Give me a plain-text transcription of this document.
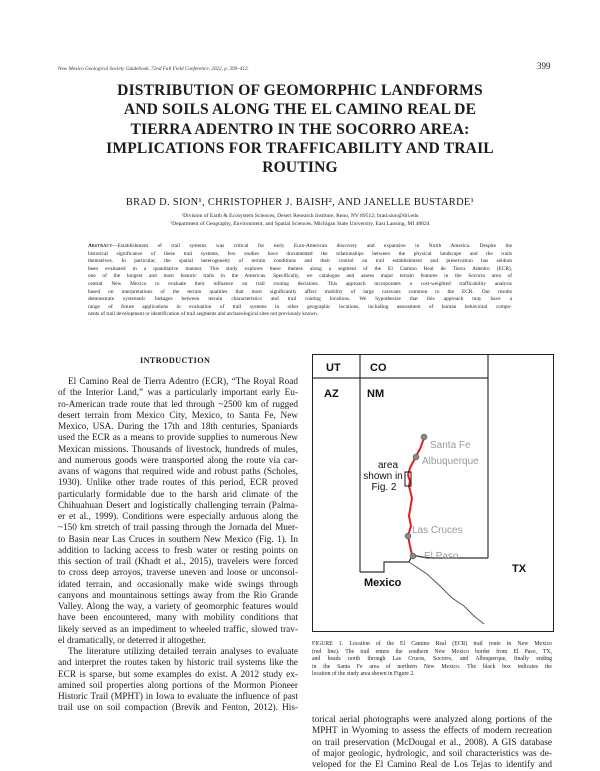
New Mexico Geological Society Guidebook, 72nd Fall Field Conference, 2022, p. 399–412.	399
DISTRIBUTION OF GEOMORPHIC LANDFORMS
AND SOILS ALONG THE EL CAMINO REAL DE
TIERRA ADENTRO IN THE SOCORRO AREA:
IMPLICATIONS FOR TRAFFICABILITY AND TRAIL
ROUTING
BRAD D. SION¹, CHRISTOPHER J. BAISH², AND JANELLE BUSTARDE¹
¹Division of Earth & Ecosystem Sciences, Desert Research Institute, Reno, NV 89512; brad.sion@dri.edu
²Department of Geography, Environment, and Spatial Sciences, Michigan State University, East Lansing, MI 48824
Abstract—Establishment of trail systems was critical for early Euro-American discovery and expansion in North America. Despite the
historical significance of these trail systems, few studies have documented the relationships between the physical landscape and the trails
themselves. In particular, the spatial heterogeneity of terrain conditions and their control on trail establishment and preservation has seldom
been evaluated in a quantitative manner. This study explores these themes along a segment of the El Camino Real de Tierra Adentro (ECR),
one of the longest and most historic trails in the Americas. Specifically, we catalogue and assess major terrain features in the Socorro area of
central New Mexico to evaluate their influence on trail routing decisions. This approach incorporates a cost-weighted trafficability analysis
based on interpretations of the terrain qualities that most significantly affect mobility of large caravans common to the ECR. Our results
demonstrate systematic linkages between terrain characteristics and trail routing locations. We hypothesize that this approach may have a
range of future applications in evaluation of trail systems in other geographic locations, including assessment of human behavioral compo-
nents of trail development or identification of trail segments and archaeological sites not previously known.
INTRODUCTION
El Camino Real de Tierra Adentro (ECR), “The Royal Road
of the Interior Land,” was a particularly important early Eu-
ro-American trade route that led through ~2500 km of rugged
desert terrain from Mexico City, Mexico, to Santa Fe, New
Mexico, USA. During the 17th and 18th centuries, Spaniards
used the ECR as a means to provide supplies to numerous New
Mexican missions. Thousands of livestock, hundreds of mules,
and numerous goods were transported along the route via car-
avans of wagons that required wide and robust paths (Scholes,
1930). Unlike other trade routes of this period, ECR proved
particularly formidable due to the harsh arid climate of the
Chihuahuan Desert and logistically challenging terrain (Palma-
er et al., 1999). Conditions were especially arduous along the
~150 km stretch of trail passing through the Jornada del Muer-
to Basin near Las Cruces in southern New Mexico (Fig. 1). In
addition to lacking access to fresh water or resting points on
this section of trail (Khadt et al., 2015), travelers were forced
to cross deep arroyos, traverse uneven and loose or unconsol-
idated terrain, and occasionally make wide swings through
canyons and mountainous settings away from the Rio Grande
Valley. Along the way, a variety of geomorphic features would
have been encountered, many with mobility conditions that
likely served as an impediment to wheeled traffic, slowed trav-
el dramatically, or deterred it altogether.
The literature utilizing detailed terrain analyses to evaluate
and interpret the routes taken by historic trail systems like the
ECR is sparse, but some examples do exist. A 2012 study ex-
amined soil properties along portions of the Mormon Pioneer
Historic Trail (MPHT) in Iowa to evaluate the influence of past
trail use on soil compaction (Brevik and Fenton, 2012). His-
UT	CO
AZ	NM
TX
Mexico
Santa Fe
Albuquerque
Las Cruces
El Paso
area
shown in
Fig. 2
FIGURE 1. Location of the El Camino Real (ECR) trail route in New Mexico
(red line). The trail enters the southern New Mexico border from El Paso, TX,
and heads north through Las Cruces, Socorro, and Albuquerque, finally ending
in the Santa Fe area of northern New Mexico. The black box indicates the
location of the study area shown in Figure 2.
torical aerial photographs were analyzed along portions of the
MPHT in Wyoming to assess the effects of modern recreation
on trail preservation (McDougal et al., 2008). A GIS database
of major geologic, hydrologic, and soil characteristics was de-
veloped for the El Camino Real de Los Tejas to identify and
